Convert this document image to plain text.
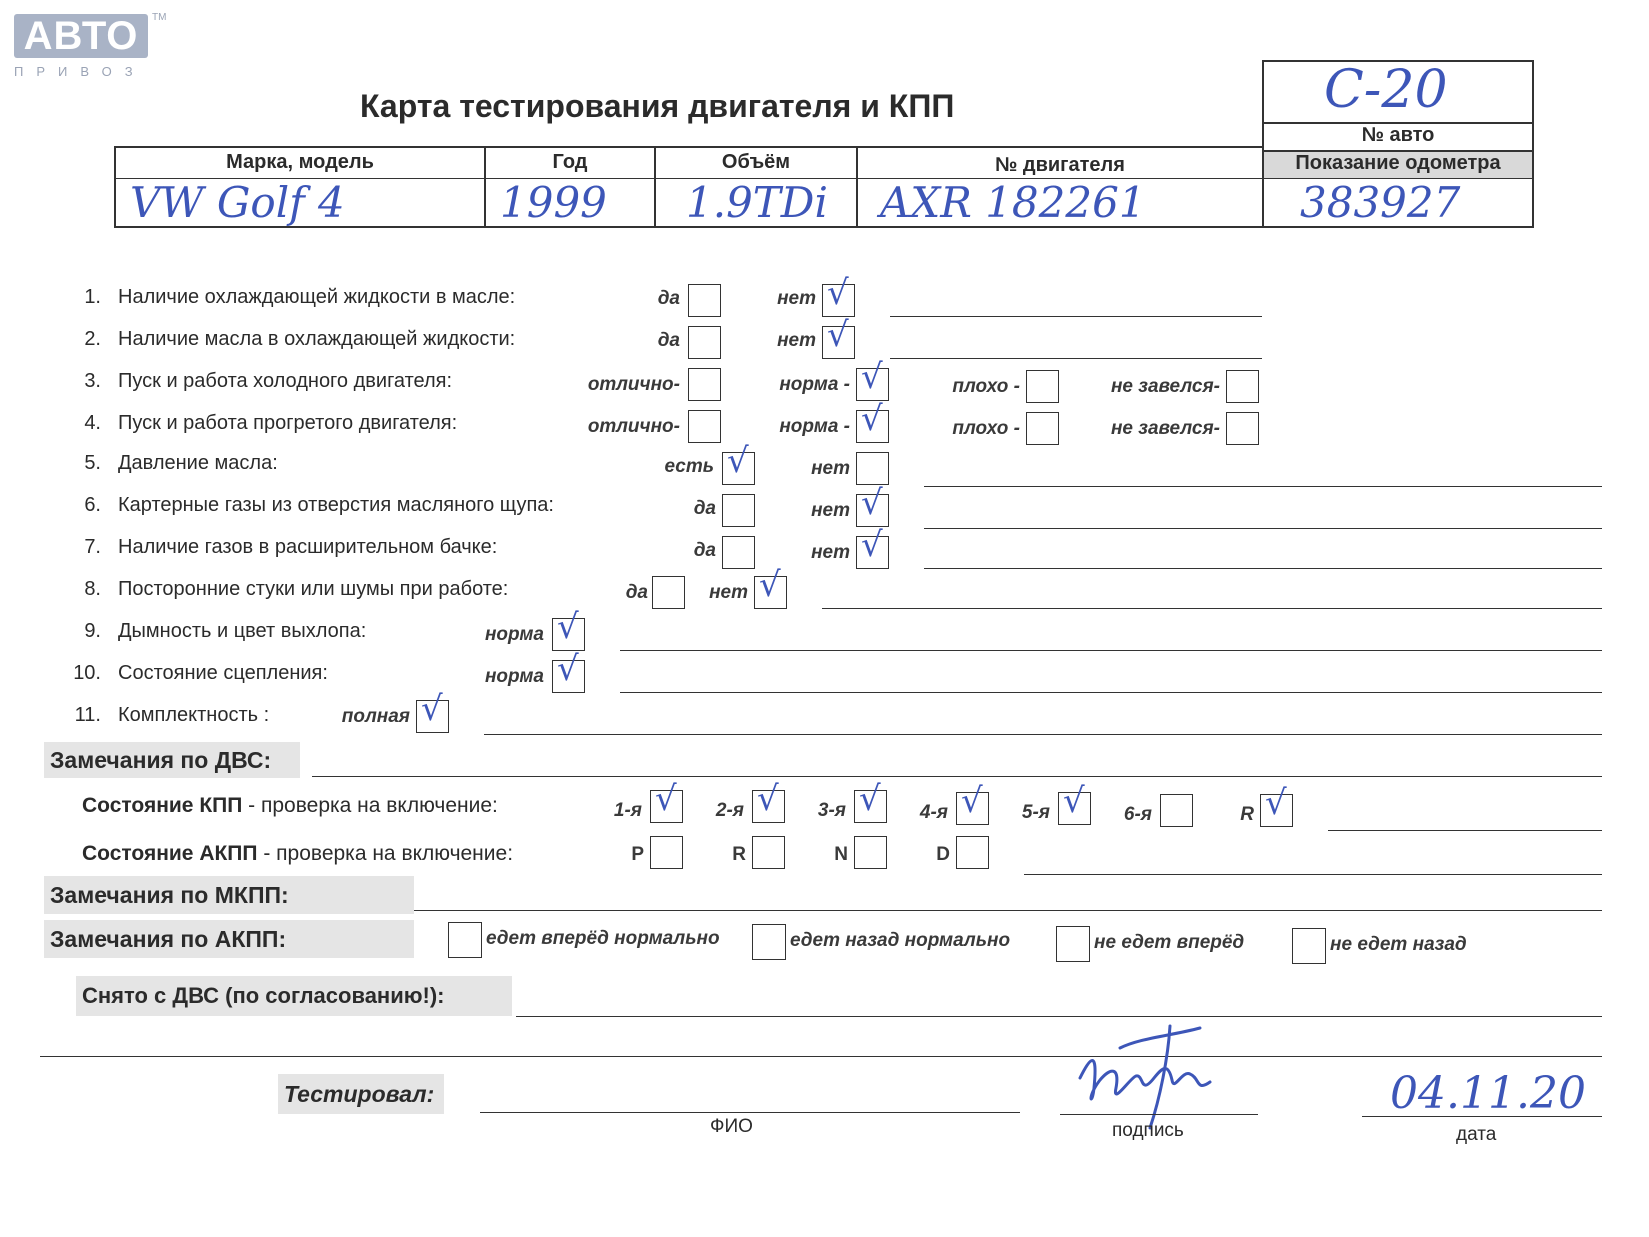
АВТО	TM
ПРИВОЗ
Карта тестирования двигателя и КПП	С-20
№ авто
Марка, модель
VW Golf 4
Год
1999
Объём
1.9TDi
№ двигателя
AXR 182261
Показание одометра
383927
1. Наличие охлаждающей жидкости в масле:	да	нет √
2. Наличие масла в охлаждающей жидкости:	да	нет √
3. Пуск и работа холодного двигателя:	отлично-	норма - √	плохо -	не завелся-
4. Пуск и работа прогретого двигателя:	отлично-	норма - √	плохо -	не завелся-
5. Давление масла:	есть √	нет
6. Картерные газы из отверстия масляного щупа:	да	нет √
7. Наличие газов в расширительном бачке:	да	нет √
8. Посторонние стуки или шумы при работе:	да	нет √
9. Дымность и цвет выхлопа:	норма √
10. Состояние сцепления:	норма √
11. Комплектность :	полная √
Замечания по ДВС:
Состояние КПП - проверка на включение:	1-я √	2-я √	3-я √	4-я √	5-я √	6-я	R √
Состояние АКПП - проверка на включение:	P	R	N	D
Замечания по МКПП:
Замечания по АКПП:	едет вперёд нормально	едет назад нормально	не едет вперёд	не едет назад
Снято с ДВС (по согласованию!):
Тестировал:
ФИО	подпись
04.11.20
дата
